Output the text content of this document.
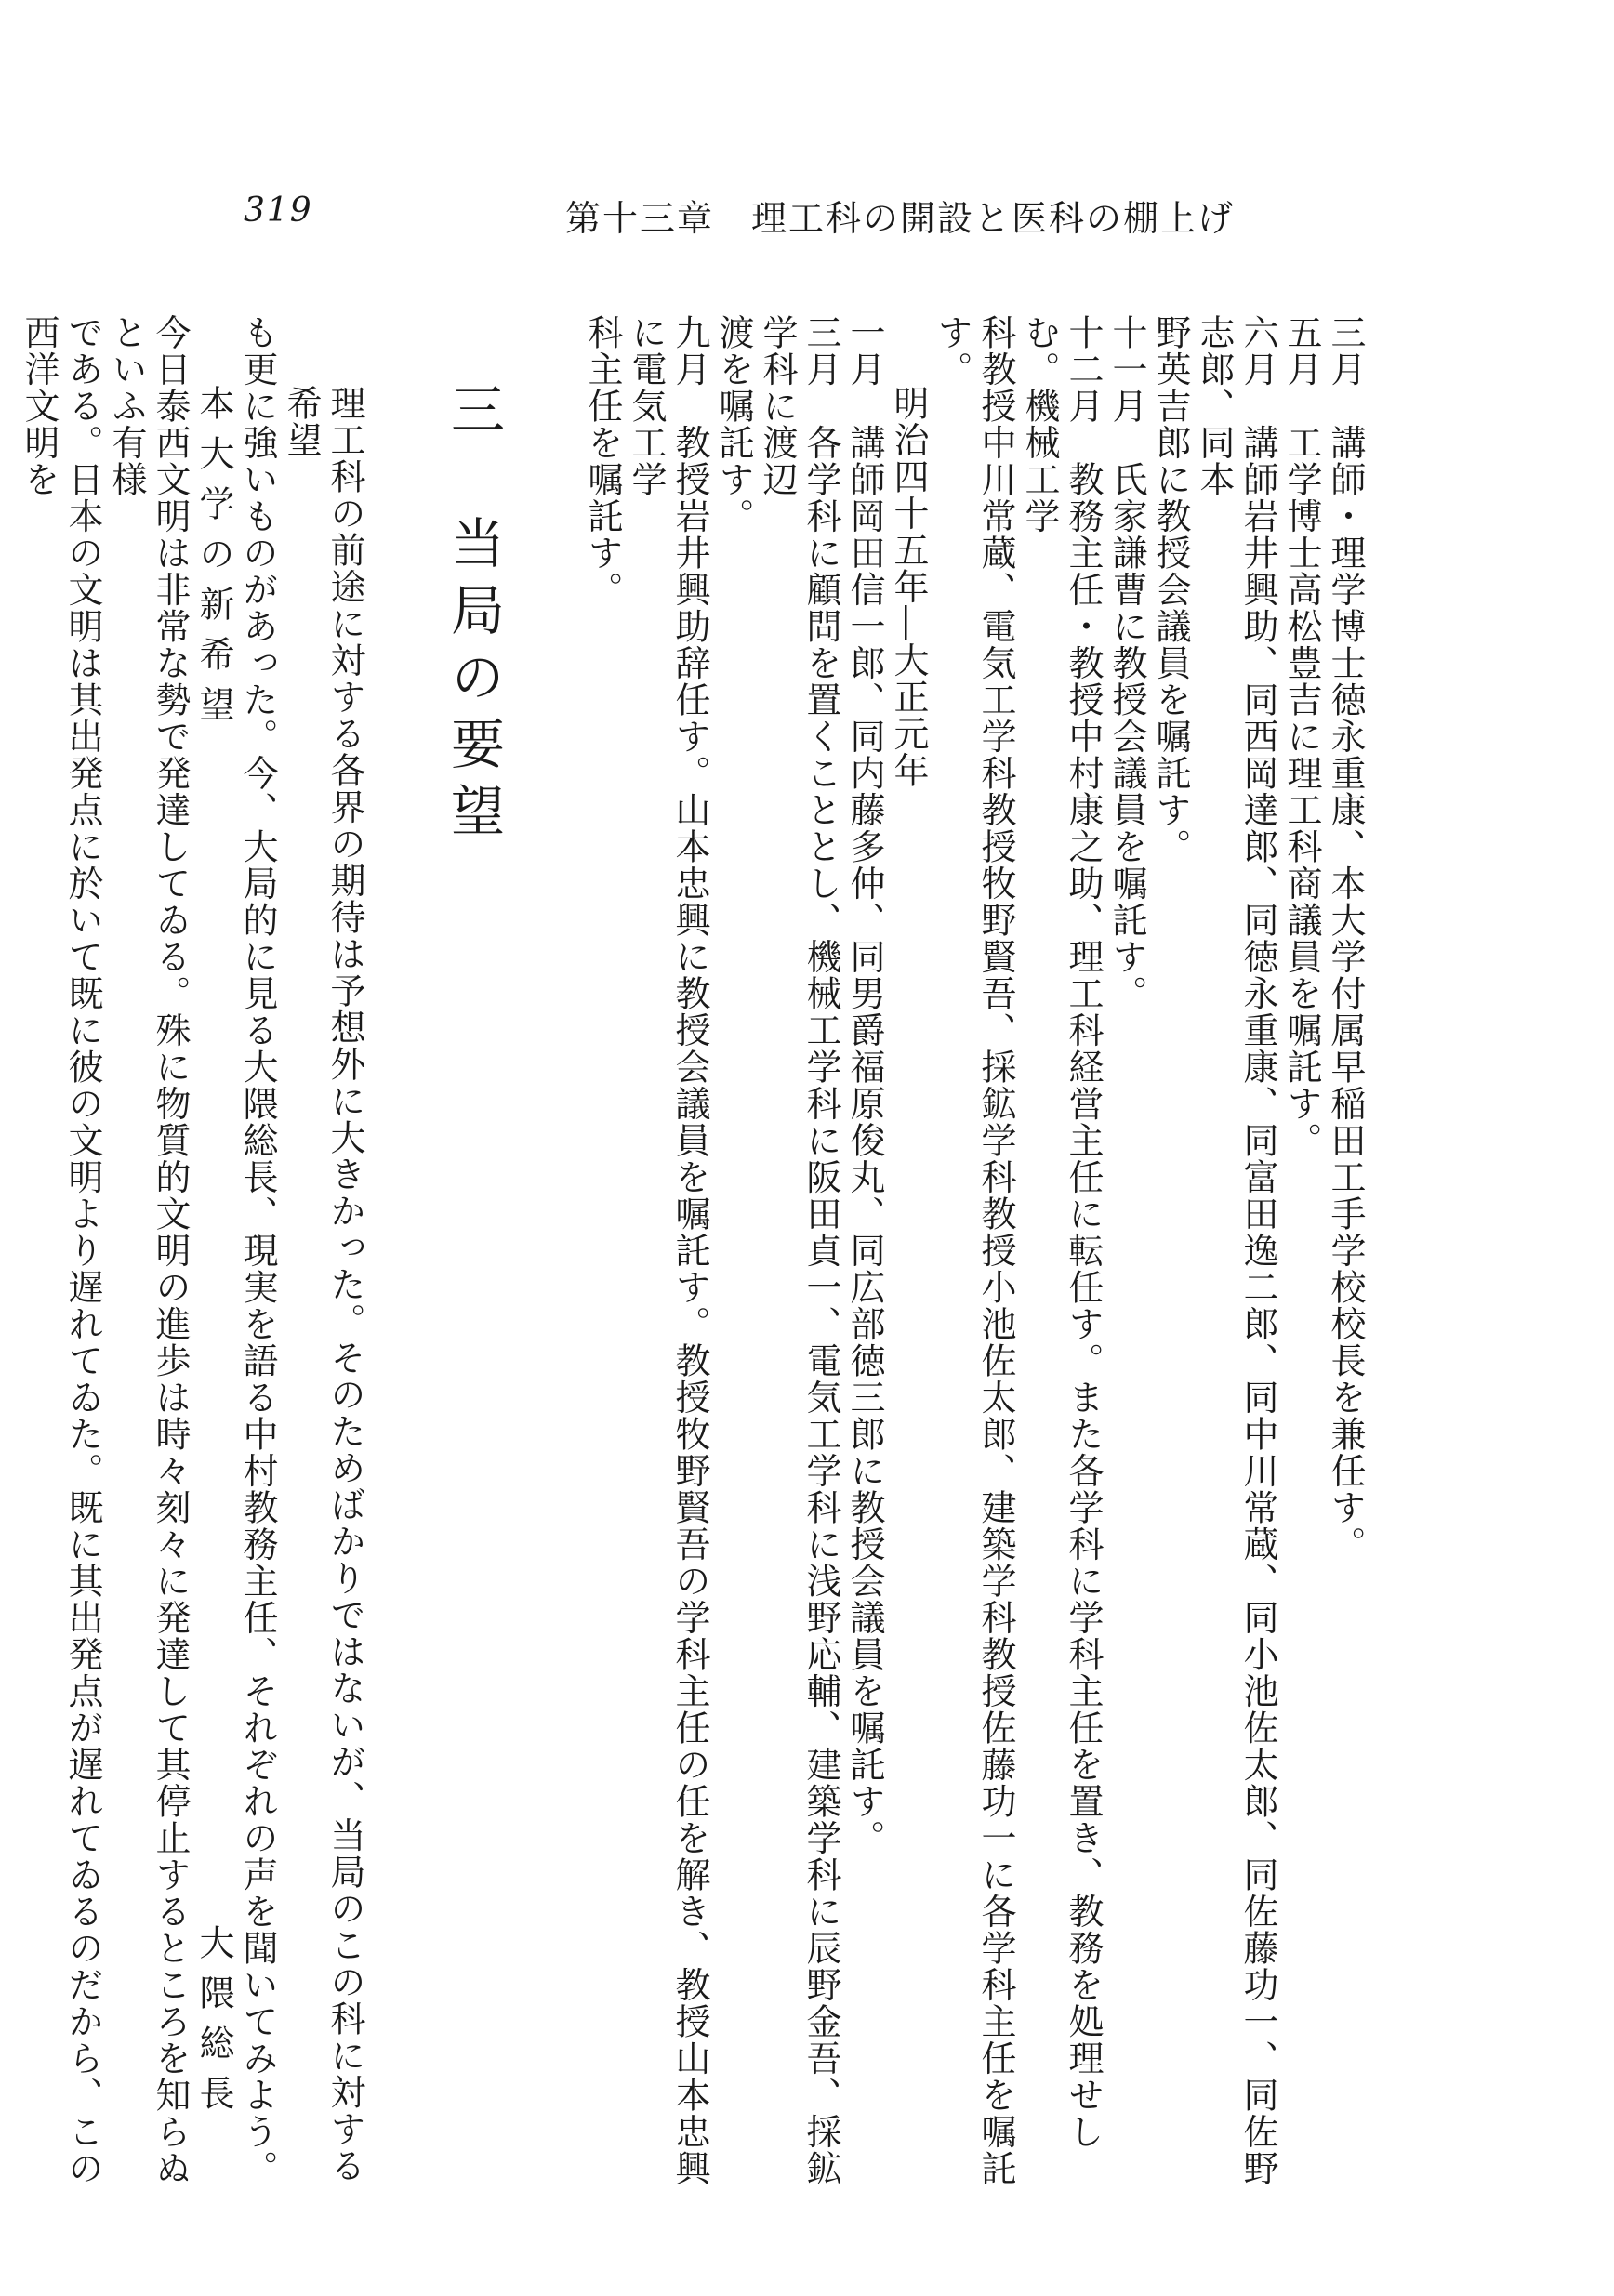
319	第十三章　理工科の開設と医科の棚上げ

三月　講師・理学博士徳永重康、本大学付属早稲田工手学校校長を兼任す。

五月　工学博士高松豊吉に理工科商議員を嘱託す。

六月　講師岩井興助、同西岡達郎、同徳永重康、同富田逸二郎、同中川常蔵、同小池佐太郎、同佐藤功一、同佐野志郎、同本

野英吉郎に教授会議員を嘱託す。

十一月　氏家謙曹に教授会議員を嘱託す。

十二月　教務主任・教授中村康之助、理工科経営主任に転任す。また各学科に学科主任を置き、教務を処理せしむ。機械工学

科教授中川常蔵、電気工学科教授牧野賢吾、採鉱学科教授小池佐太郎、建築学科教授佐藤功一に各学科主任を嘱託す。

明治四十五年―大正元年

一月　講師岡田信一郎、同内藤多仲、同男爵福原俊丸、同広部徳三郎に教授会議員を嘱託す。

三月　各学科に顧問を置くこととし、機械工学科に阪田貞一、電気工学科に浅野応輔、建築学科に辰野金吾、採鉱学科に渡辺

渡を嘱託す。

九月　教授岩井興助辞任す。山本忠興に教授会議員を嘱託す。教授牧野賢吾の学科主任の任を解き、教授山本忠興に電気工学

科主任を嘱託す。

三　当局の要望

理工科の前途に対する各界の期待は予想外に大きかった。そのためばかりではないが、当局のこの科に対する希望

も更に強いものがあった。今、大局的に見る大隈総長、現実を語る中村教務主任、それぞれの声を聞いてみよう。

本大学の新希望
大隈総長

今日泰西文明は非常な勢で発達してゐる。殊に物質的文明の進歩は時々刻々に発達して其停止するところを知らぬといふ有様

である。日本の文明は其出発点に於いて既に彼の文明より遅れてゐた。既に其出発点が遅れてゐるのだから、この西洋文明を
